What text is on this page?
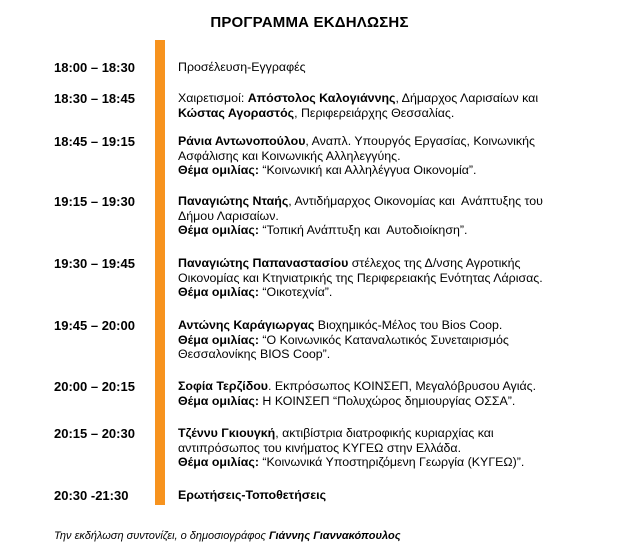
ΠΡΟΓΡΑΜΜΑ ΕΚΔΗΛΩΣΗΣ
18:00 – 18:30	Προσέλευση-Εγγραφές
18:30 – 18:45	Χαιρετισμοί: Απόστολος Καλογιάννης, Δήμαρχος Λαρισαίων και
Κώστας Αγοραστός, Περιφερειάρχης Θεσσαλίας.
18:45 – 19:15	Ράνια Αντωνοπούλου, Αναπλ. Υπουργός Εργασίας, Κοινωνικής
Ασφάλισης και Κοινωνικής Αλληλεγγύης.
Θέμα ομιλίας: “Κοινωνική και Αλληλέγγυα Οικονομία”.
19:15 – 19:30	Παναγιώτης Νταής, Αντιδήμαρχος Οικονομίας και  Ανάπτυξης του
Δήμου Λαρισαίων.
Θέμα ομιλίας: “Τοπική Ανάπτυξη και  Αυτοδιοίκηση”.
19:30 – 19:45	Παναγιώτης Παπαναστασίου στέλεχος της Δ/νσης Αγροτικής
Οικονομίας και Κτηνιατρικής της Περιφερειακής Ενότητας Λάρισας.
Θέμα ομιλίας: “Οικοτεχνία”.
19:45 – 20:00	Αντώνης Καράγιωργας Βιοχημικός-Μέλος του Bios Coop.
Θέμα ομιλίας: “Ο Κοινωνικός Καταναλωτικός Συνεταιρισμός
Θεσσαλονίκης BIOS Coop”.
20:00 – 20:15	Σοφία Τερζίδου. Εκπρόσωπος ΚΟΙΝΣΕΠ, Μεγαλόβρυσου Αγιάς.
Θέμα ομιλίας: Η ΚΟΙΝΣΕΠ “Πολυχώρος δημιουργίας ΟΣΣΑ”.
20:15 – 20:30	Τζέννυ Γκιουγκή, ακτιβίστρια διατροφικής κυριαρχίας και
αντιπρόσωπος του κινήματος ΚΥΓΕΩ στην Ελλάδα.
Θέμα ομιλίας: “Κοινωνικά Υποστηριζόμενη Γεωργία (ΚΥΓΕΩ)”.
20:30 -21:30	Ερωτήσεις-Τοποθετήσεις
Την εκδήλωση συντονίζει, ο δημοσιογράφος Γιάννης Γιαννακόπουλος
